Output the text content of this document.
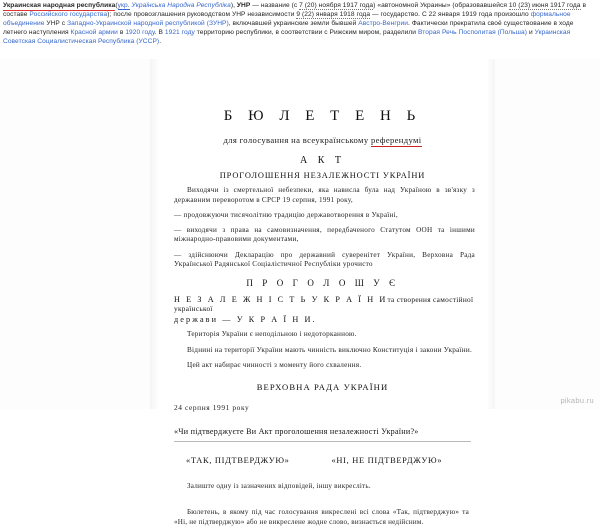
Украинская народная республика(укр. Українська Народна Республіка), УНР — название (с 7 (20) ноября 1917 года) «автономной Украины» (образовавшейся 10 (23) июня 1917 года в составе Российского государства); после провозглашения руководством УНР независимости 9 (22) января 1918 года — государство. С 22 января 1919 года произошло формальное объединение УНР с Западно-Украинской народной республикой (ЗУНР), включавшей украинские земли бывшей Австро-Венгрии. Фактически прекратила своё существование в ходе летнего наступления Красной армии в 1920 году. В 1921 году территорию республики, в соответствии с Рижским миром, разделили Вторая Речь Посполитая (Польша) и Украинская Советская Социалистическая Республика (УССР).
Б Ю Л Е Т Е Н Ь
для голосування на всеукраїнському референдумі
А К Т
ПРОГОЛОШЕННЯ НЕЗАЛЕЖНОСТІ УКРАЇНИ
Виходячи із смертельної небезпеки, яка нависла була над Україною в зв'язку з державним переворотом в СРСР 19 серпня, 1991 року,
— продовжуючи тисячолітню традицію державотворення в Україні,
— виходячи з права на самовизначення, передбаченого Статутом ООН та іншими міжнародно-правовими документами,
— здійснюючи Декларацію про державний суверенітет України, Верховна Рада Української Радянської Соціалістичної Республіки урочисто
П Р О Г О Л О Ш У Є
Н Е З А Л Е Ж Н І С Т Ь У К Р А Ї Н Ита створення самостійної української
держави — У К Р А Ї Н И.
Територія України є неподільною і недоторканною.
Віднині на території України мають чинність виключно Конституція і закони України.
Цей акт набирає чинності з моменту його схвалення.
ВЕРХОВНА РАДА УКРАЇНИ
24 серпня 1991 року
«Чи підтверджуєте Ви Акт проголошення незалежності України?»
«ТАК, ПІДТВЕРДЖУЮ»	«НІ, НЕ ПІДТВЕРДЖУЮ»
Залиште одну із зазначених відповідей, іншу викресліть.
Бюлетень, в якому під час голосування викреслені всі слова «Так, підтверджую» та «Ні, не підтверджую» або не викреслене жодне слово, визнається недійсним.
pikabu.ru
